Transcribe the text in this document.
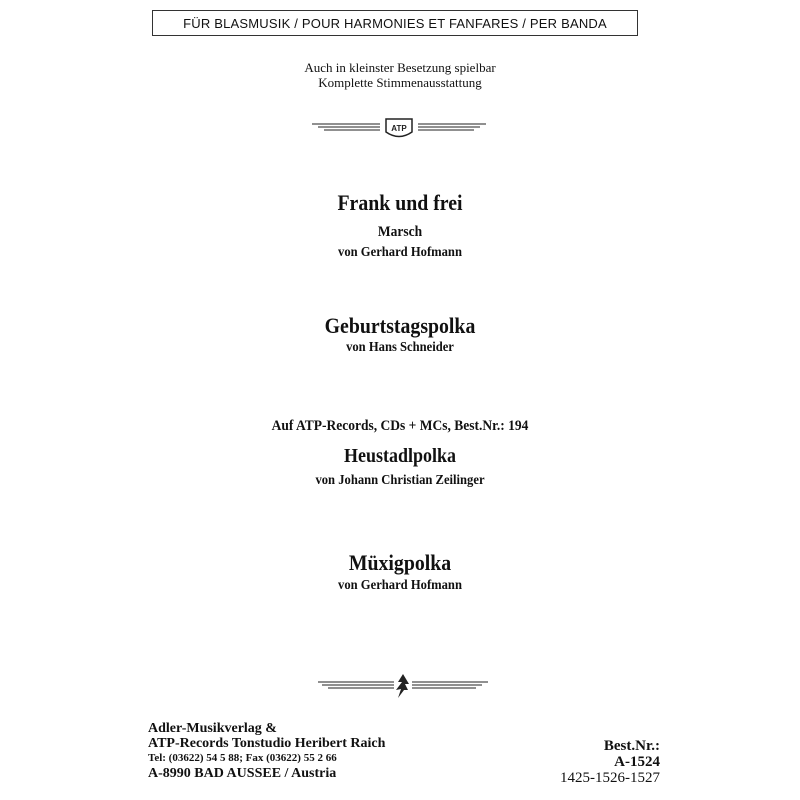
FÜR BLASMUSIK / POUR HARMONIES ET FANFARES / PER BANDA
Auch in kleinster Besetzung spielbar
Komplette Stimmenausstattung
ATP
Frank und frei
Marsch
von Gerhard Hofmann
Geburtstagspolka
von Hans Schneider
Auf ATP-Records, CDs + MCs, Best.Nr.: 194
Heustadlpolka
von Johann Christian Zeilinger
Müxigpolka
von Gerhard Hofmann
Adler-Musikverlag &
ATP-Records Tonstudio Heribert Raich
Tel: (03622) 54 5 88; Fax (03622) 55 2 66
A-8990 BAD AUSSEE / Austria
Best.Nr.:
A-1524
1425-1526-1527
